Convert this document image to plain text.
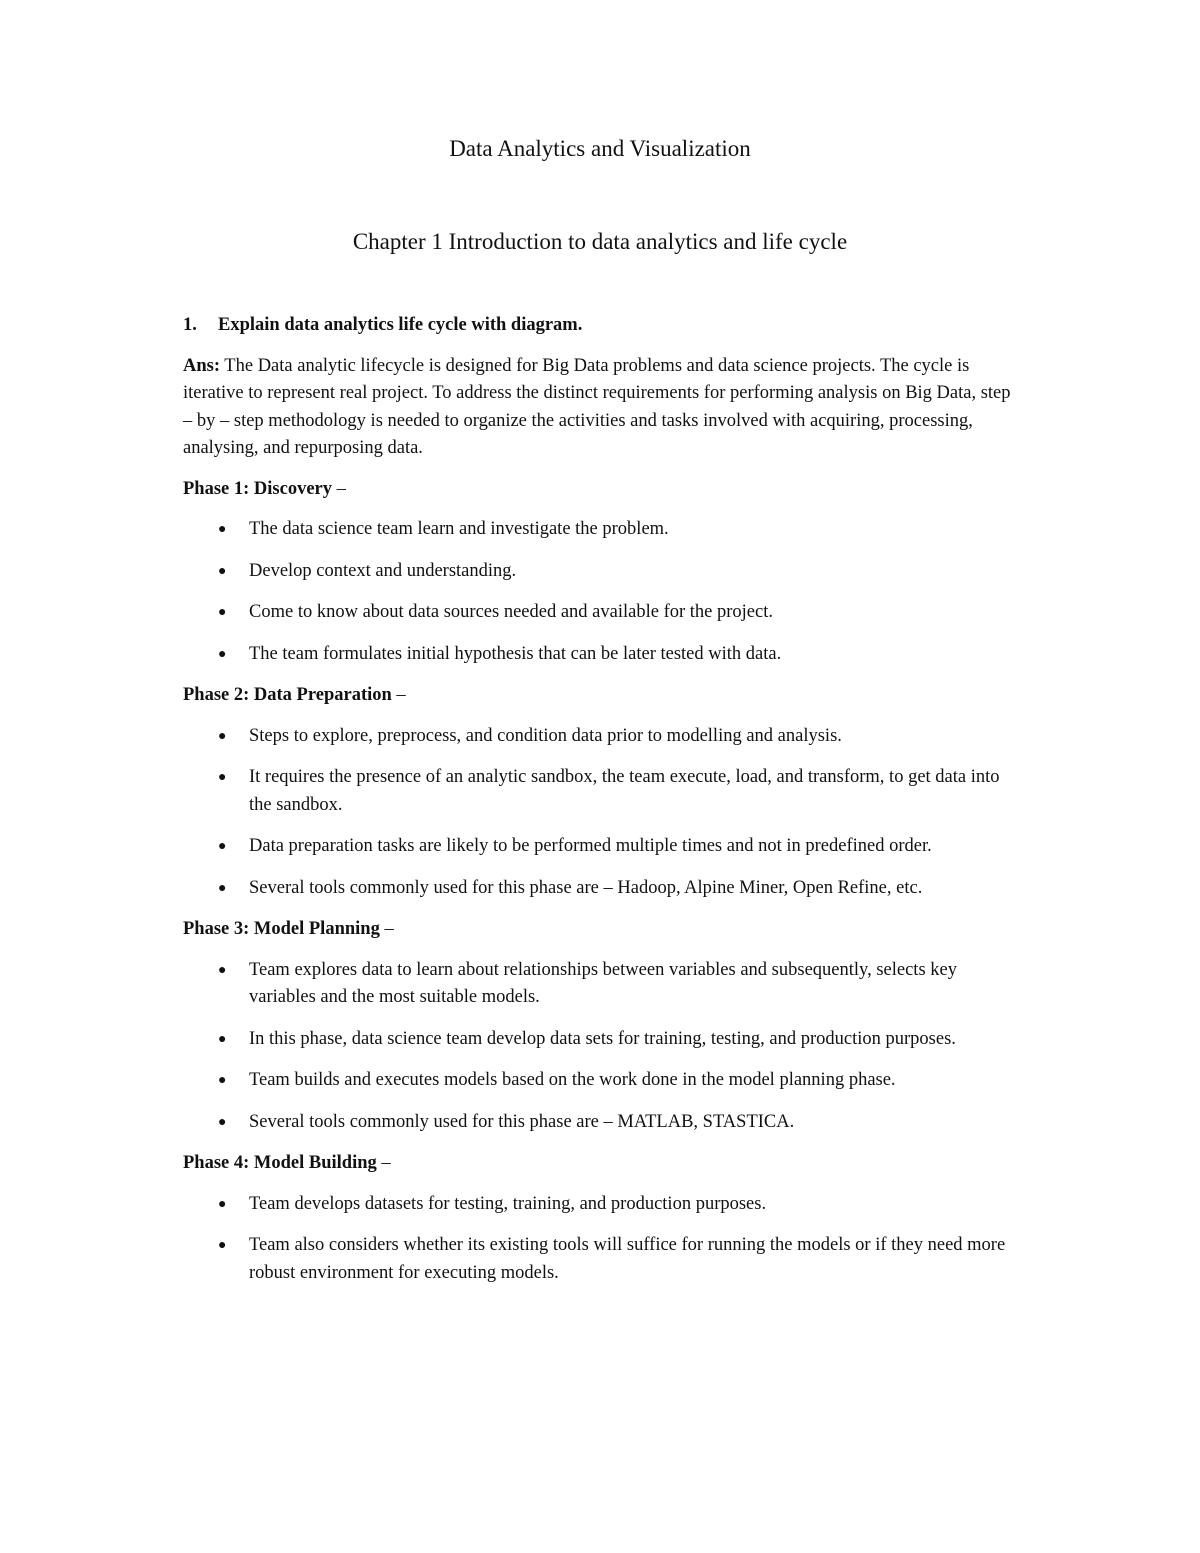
Data Analytics and Visualization
Chapter 1 Introduction to data analytics and life cycle
1. Explain data analytics life cycle with diagram.
Ans: The Data analytic lifecycle is designed for Big Data problems and data science projects. The cycle is iterative to represent real project. To address the distinct requirements for performing analysis on Big Data, step – by – step methodology is needed to organize the activities and tasks involved with acquiring, processing, analysing, and repurposing data.
Phase 1: Discovery –
● The data science team learn and investigate the problem.
● Develop context and understanding.
● Come to know about data sources needed and available for the project.
● The team formulates initial hypothesis that can be later tested with data.
Phase 2: Data Preparation –
● Steps to explore, preprocess, and condition data prior to modelling and analysis.
● It requires the presence of an analytic sandbox, the team execute, load, and transform, to get data into the sandbox.
● Data preparation tasks are likely to be performed multiple times and not in predefined order.
● Several tools commonly used for this phase are – Hadoop, Alpine Miner, Open Refine, etc.
Phase 3: Model Planning –
● Team explores data to learn about relationships between variables and subsequently, selects key variables and the most suitable models.
● In this phase, data science team develop data sets for training, testing, and production purposes.
● Team builds and executes models based on the work done in the model planning phase.
● Several tools commonly used for this phase are – MATLAB, STASTICA.
Phase 4: Model Building –
● Team develops datasets for testing, training, and production purposes.
● Team also considers whether its existing tools will suffice for running the models or if they need more robust environment for executing models.
